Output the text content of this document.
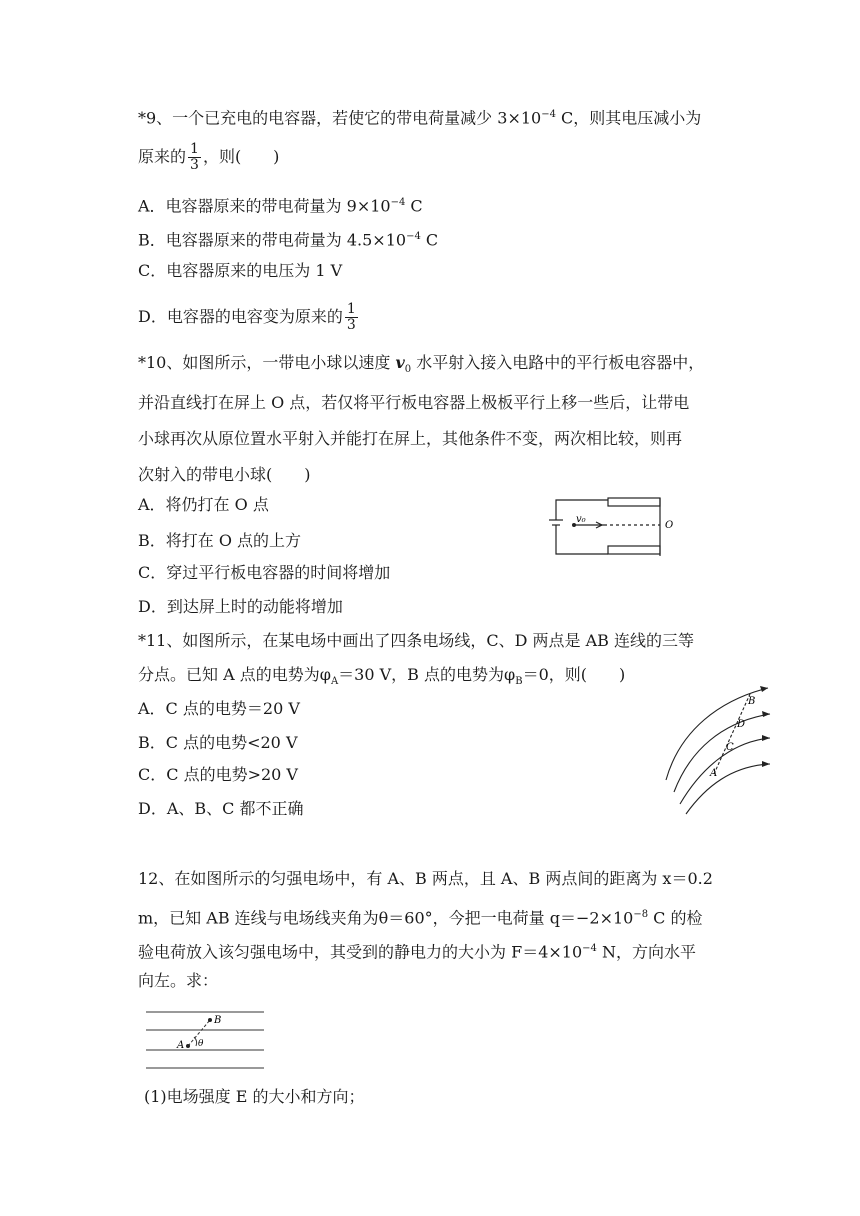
*9、一个已充电的电容器，若使它的带电荷量减少 $3\times 10^{-4}$ C，则其电压减小为
原来的 $\frac{1}{3}$ ，则(　　)
A．电容器原来的带电荷量为 $9\times 10^{-4}$ C
B．电容器原来的带电荷量为 $4.5\times 10^{-4}$ C
C．电容器原来的电压为 1 V
D．电容器的电容变为原来的 $\frac{1}{3}$
*10、如图所示，一带电小球以速度 $v_0$ 水平射入接入电路中的平行板电容器中，
并沿直线打在屏上 O 点，若仅将平行板电容器上极板平行上移一些后，让带电
小球再次从原位置水平射入并能打在屏上，其他条件不变，两次相比较，则再
次射入的带电小球(　　)
A．将仍打在 O 点
B．将打在 O 点的上方
C．穿过平行板电容器的时间将增加
D．到达屏上时的动能将增加
v₀
O
*11、如图所示，在某电场中画出了四条电场线，C、D 两点是 AB 连线的三等
分点。已知 A 点的电势为$\varphi_A=30$ V，B 点的电势为$\varphi_B=0$，则(　　)
A．C 点的电势＝20 V
B．C 点的电势<20 V
C．C 点的电势>20 V
D．A、B、C 都不正确
B
D
C
A
12、在如图所示的匀强电场中，有 A、B 两点，且 A、B 两点间的距离为 x＝0.2
m，已知 AB 连线与电场线夹角为θ＝60°，今把一电荷量 $q=-2\times 10^{-8}$ C 的检
验电荷放入该匀强电场中，其受到的静电力的大小为 $F=4\times 10^{-4}$ N，方向水平
向左。求：
A
B
θ
(1)电场强度 E 的大小和方向；
